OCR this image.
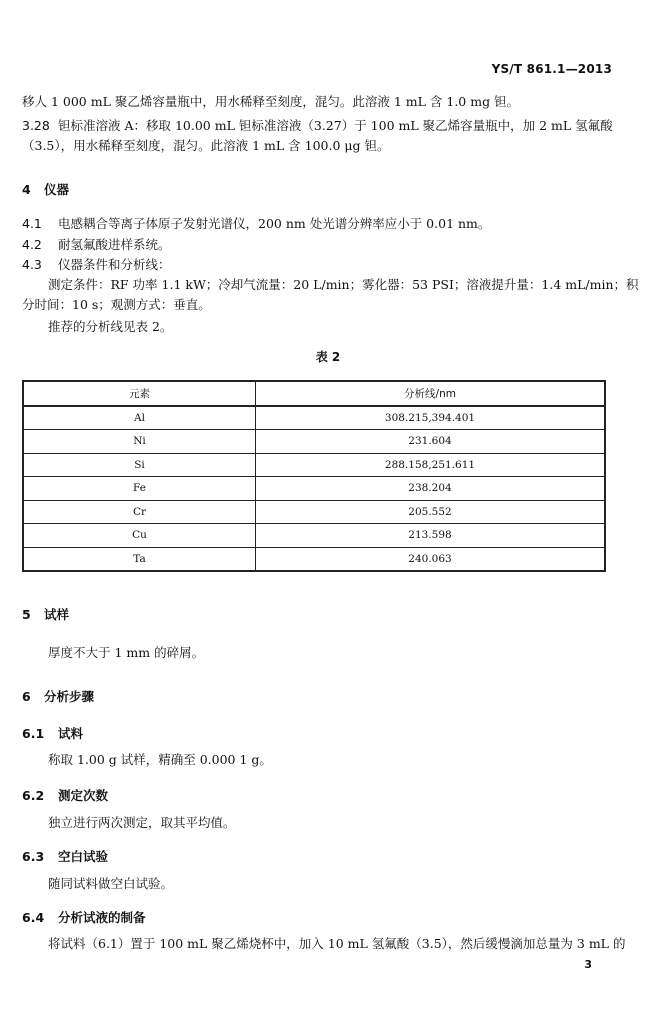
YS/T 861.1—2013
移人 1 000 mL 聚乙烯容量瓶中，用水稀释至刻度，混匀。此溶液 1 mL 含 1.0 mg 钽。
3.28 钽标准溶液 A：移取 10.00 mL 钽标准溶液（3.27）于 100 mL 聚乙烯容量瓶中，加 2 mL 氢氟酸
（3.5），用水稀释至刻度，混匀。此溶液 1 mL 含 100.0 μg 钽。
4 仪器
4.1 电感耦合等离子体原子发射光谱仪，200 nm 处光谱分辨率应小于 0.01 nm。
4.2 耐氢氟酸进样系统。
4.3 仪器条件和分析线：
测定条件：RF 功率 1.1 kW；冷却气流量：20 L/min；雾化器：53 PSI；溶液提升量：1.4 mL/min；积
分时间：10 s；观测方式：垂直。
推荐的分析线见表 2。
表 2
元素	分析线/nm
Al	308.215,394.401
Ni	231.604
Si	288.158,251.611
Fe	238.204
Cr	205.552
Cu	213.598
Ta	240.063
5 试样
厚度不大于 1 mm 的碎屑。
6 分析步骤
6.1 试料
称取 1.00 g 试样，精确至 0.000 1 g。
6.2 测定次数
独立进行两次测定，取其平均值。
6.3 空白试验
随同试料做空白试验。
6.4 分析试液的制备
将试料（6.1）置于 100 mL 聚乙烯烧杯中，加入 10 mL 氢氟酸（3.5），然后缓慢滴加总量为 3 mL 的
3
